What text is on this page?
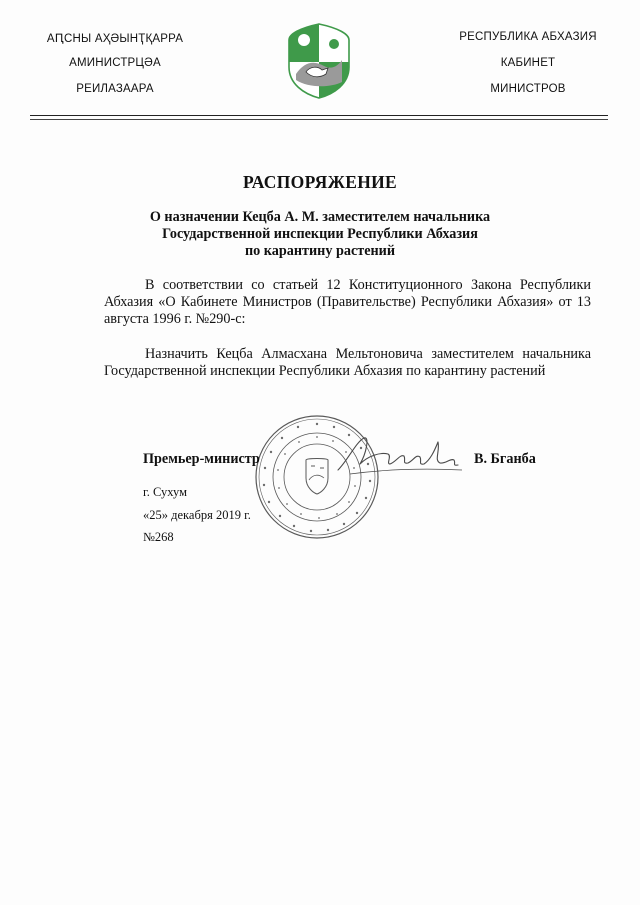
АԤСНЫ АҲӘЫНҬҚАРРА
АМИНИСТРЦӘА
РЕИЛАЗААРА
РЕСПУБЛИКА АБХАЗИЯ
КАБИНЕТ
МИНИСТРОВ
РАСПОРЯЖЕНИЕ
О назначении Кецба А. М. заместителем начальника
Государственной инспекции Республики Абхазия
по карантину растений
В соответствии со статьей 12 Конституционного Закона Республики Абхазия «О Кабинете Министров (Правительстве) Республики Абхазия» от 13 августа 1996 г. №290-с:
Назначить Кецба Алмасхана Мельтоновича заместителем начальника Государственной инспекции Республики Абхазия по карантину растений
Премьер-министр	В. Бганба
г. Сухум
«25» декабря 2019 г.
№268
